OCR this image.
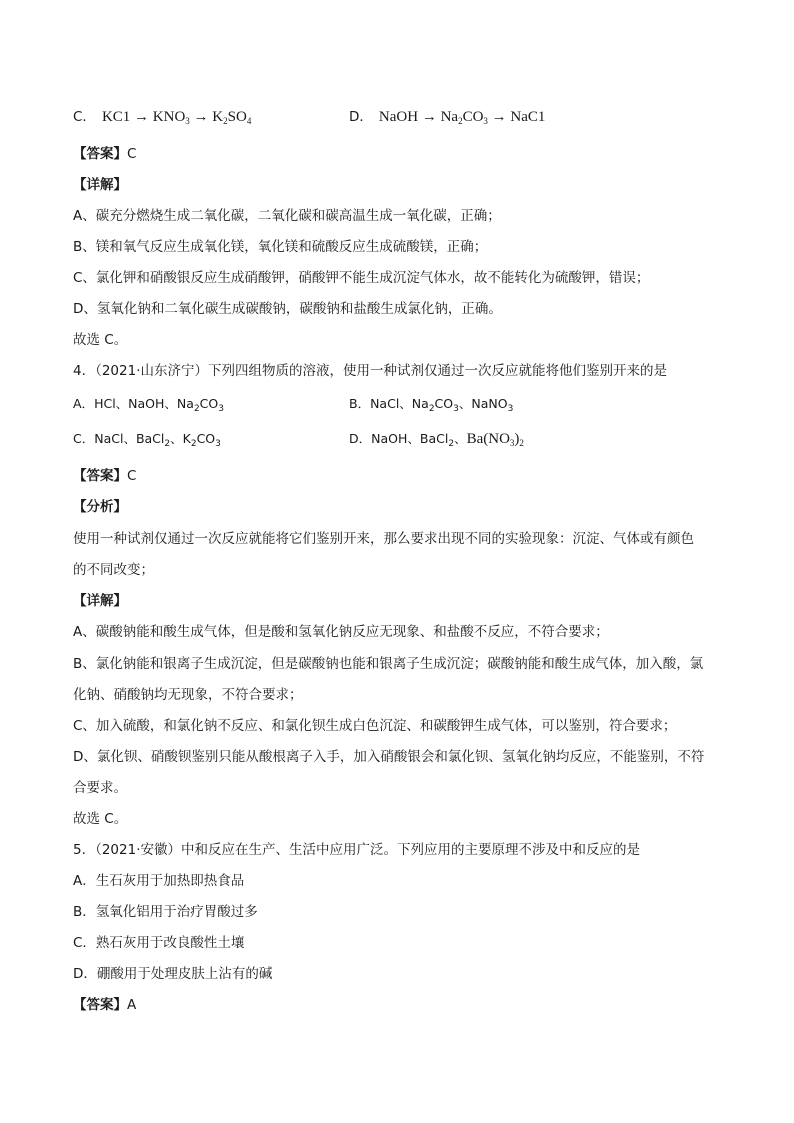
C． $KC1 \to KNO_3 \to K_2SO_4$	D． NaOH → $Na_2CO_3 \to NaC1$
【答案】C
【详解】
A、碳充分燃烧生成二氧化碳，二氧化碳和碳高温生成一氧化碳，正确；
B、镁和氧气反应生成氧化镁，氧化镁和硫酸反应生成硫酸镁，正确；
C、氯化钾和硝酸银反应生成硝酸钾，硝酸钾不能生成沉淀气体水，故不能转化为硫酸钾，错误；
D、氢氧化钠和二氧化碳生成碳酸钠，碳酸钠和盐酸生成氯化钠，正确。
故选 C。
4．（2021·山东济宁）下列四组物质的溶液，使用一种试剂仅通过一次反应就能将他们鉴别开来的是
A．HCl、NaOH、$Na_2CO_3$	B．NaCl、$Na_2CO_3$、NaNO$_3$
C．NaCl、BaCl$_2$、$K_2CO_3$	D．NaOH、BaCl$_2$、$Ba(NO_3)_2$
【答案】C
【分析】
使用一种试剂仅通过一次反应就能将它们鉴别开来，那么要求出现不同的实验现象：沉淀、气体或有颜色
的不同改变；
【详解】
A、碳酸钠能和酸生成气体，但是酸和氢氧化钠反应无现象、和盐酸不反应，不符合要求；
B、氯化钠能和银离子生成沉淀，但是碳酸钠也能和银离子生成沉淀；碳酸钠能和酸生成气体，加入酸，氯
化钠、硝酸钠均无现象，不符合要求；
C、加入硫酸，和氯化钠不反应、和氯化钡生成白色沉淀、和碳酸钾生成气体，可以鉴别，符合要求；
D、氯化钡、硝酸钡鉴别只能从酸根离子入手，加入硝酸银会和氯化钡、氢氧化钠均反应，不能鉴别，不符
合要求。
故选 C。
5．（2021·安徽）中和反应在生产、生活中应用广泛。下列应用的主要原理不涉及中和反应的是
A．生石灰用于加热即热食品
B．氢氧化铝用于治疗胃酸过多
C．熟石灰用于改良酸性土壤
D．硼酸用于处理皮肤上沾有的碱
【答案】A
